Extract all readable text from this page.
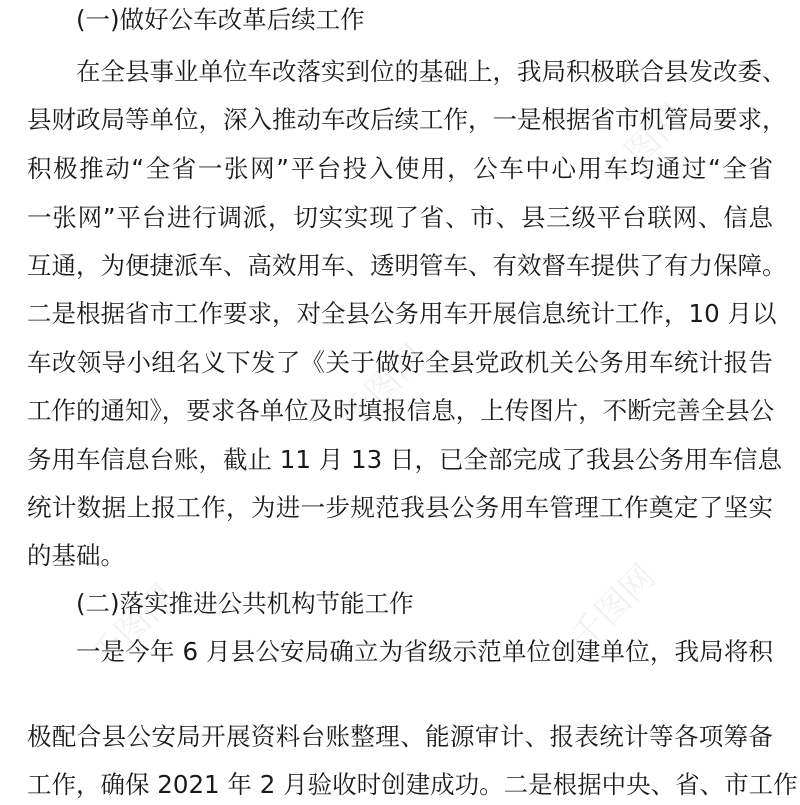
千图网
千图网
千图网
千图网
(一)做好公车改革后续工作
在全县事业单位车改落实到位的基础上，我局积极联合县发改委、
县财政局等单位，深入推动车改后续工作，一是根据省市机管局要求，
积极推动“全省一张网”平台投入使用，公车中心用车均通过“全省
一张网”平台进行调派，切实实现了省、市、县三级平台联网、信息
互通，为便捷派车、高效用车、透明管车、有效督车提供了有力保障。
二是根据省市工作要求，对全县公务用车开展信息统计工作，10 月以
车改领导小组名义下发了《关于做好全县党政机关公务用车统计报告
工作的通知》，要求各单位及时填报信息，上传图片，不断完善全县公
务用车信息台账，截止 11 月 13 日，已全部完成了我县公务用车信息
统计数据上报工作，为进一步规范我县公务用车管理工作奠定了坚实
的基础。
(二)落实推进公共机构节能工作
一是今年 6 月县公安局确立为省级示范单位创建单位，我局将积
极配合县公安局开展资料台账整理、能源审计、报表统计等各项筹备
工作，确保 2021 年 2 月验收时创建成功。二是根据中央、省、市工作
